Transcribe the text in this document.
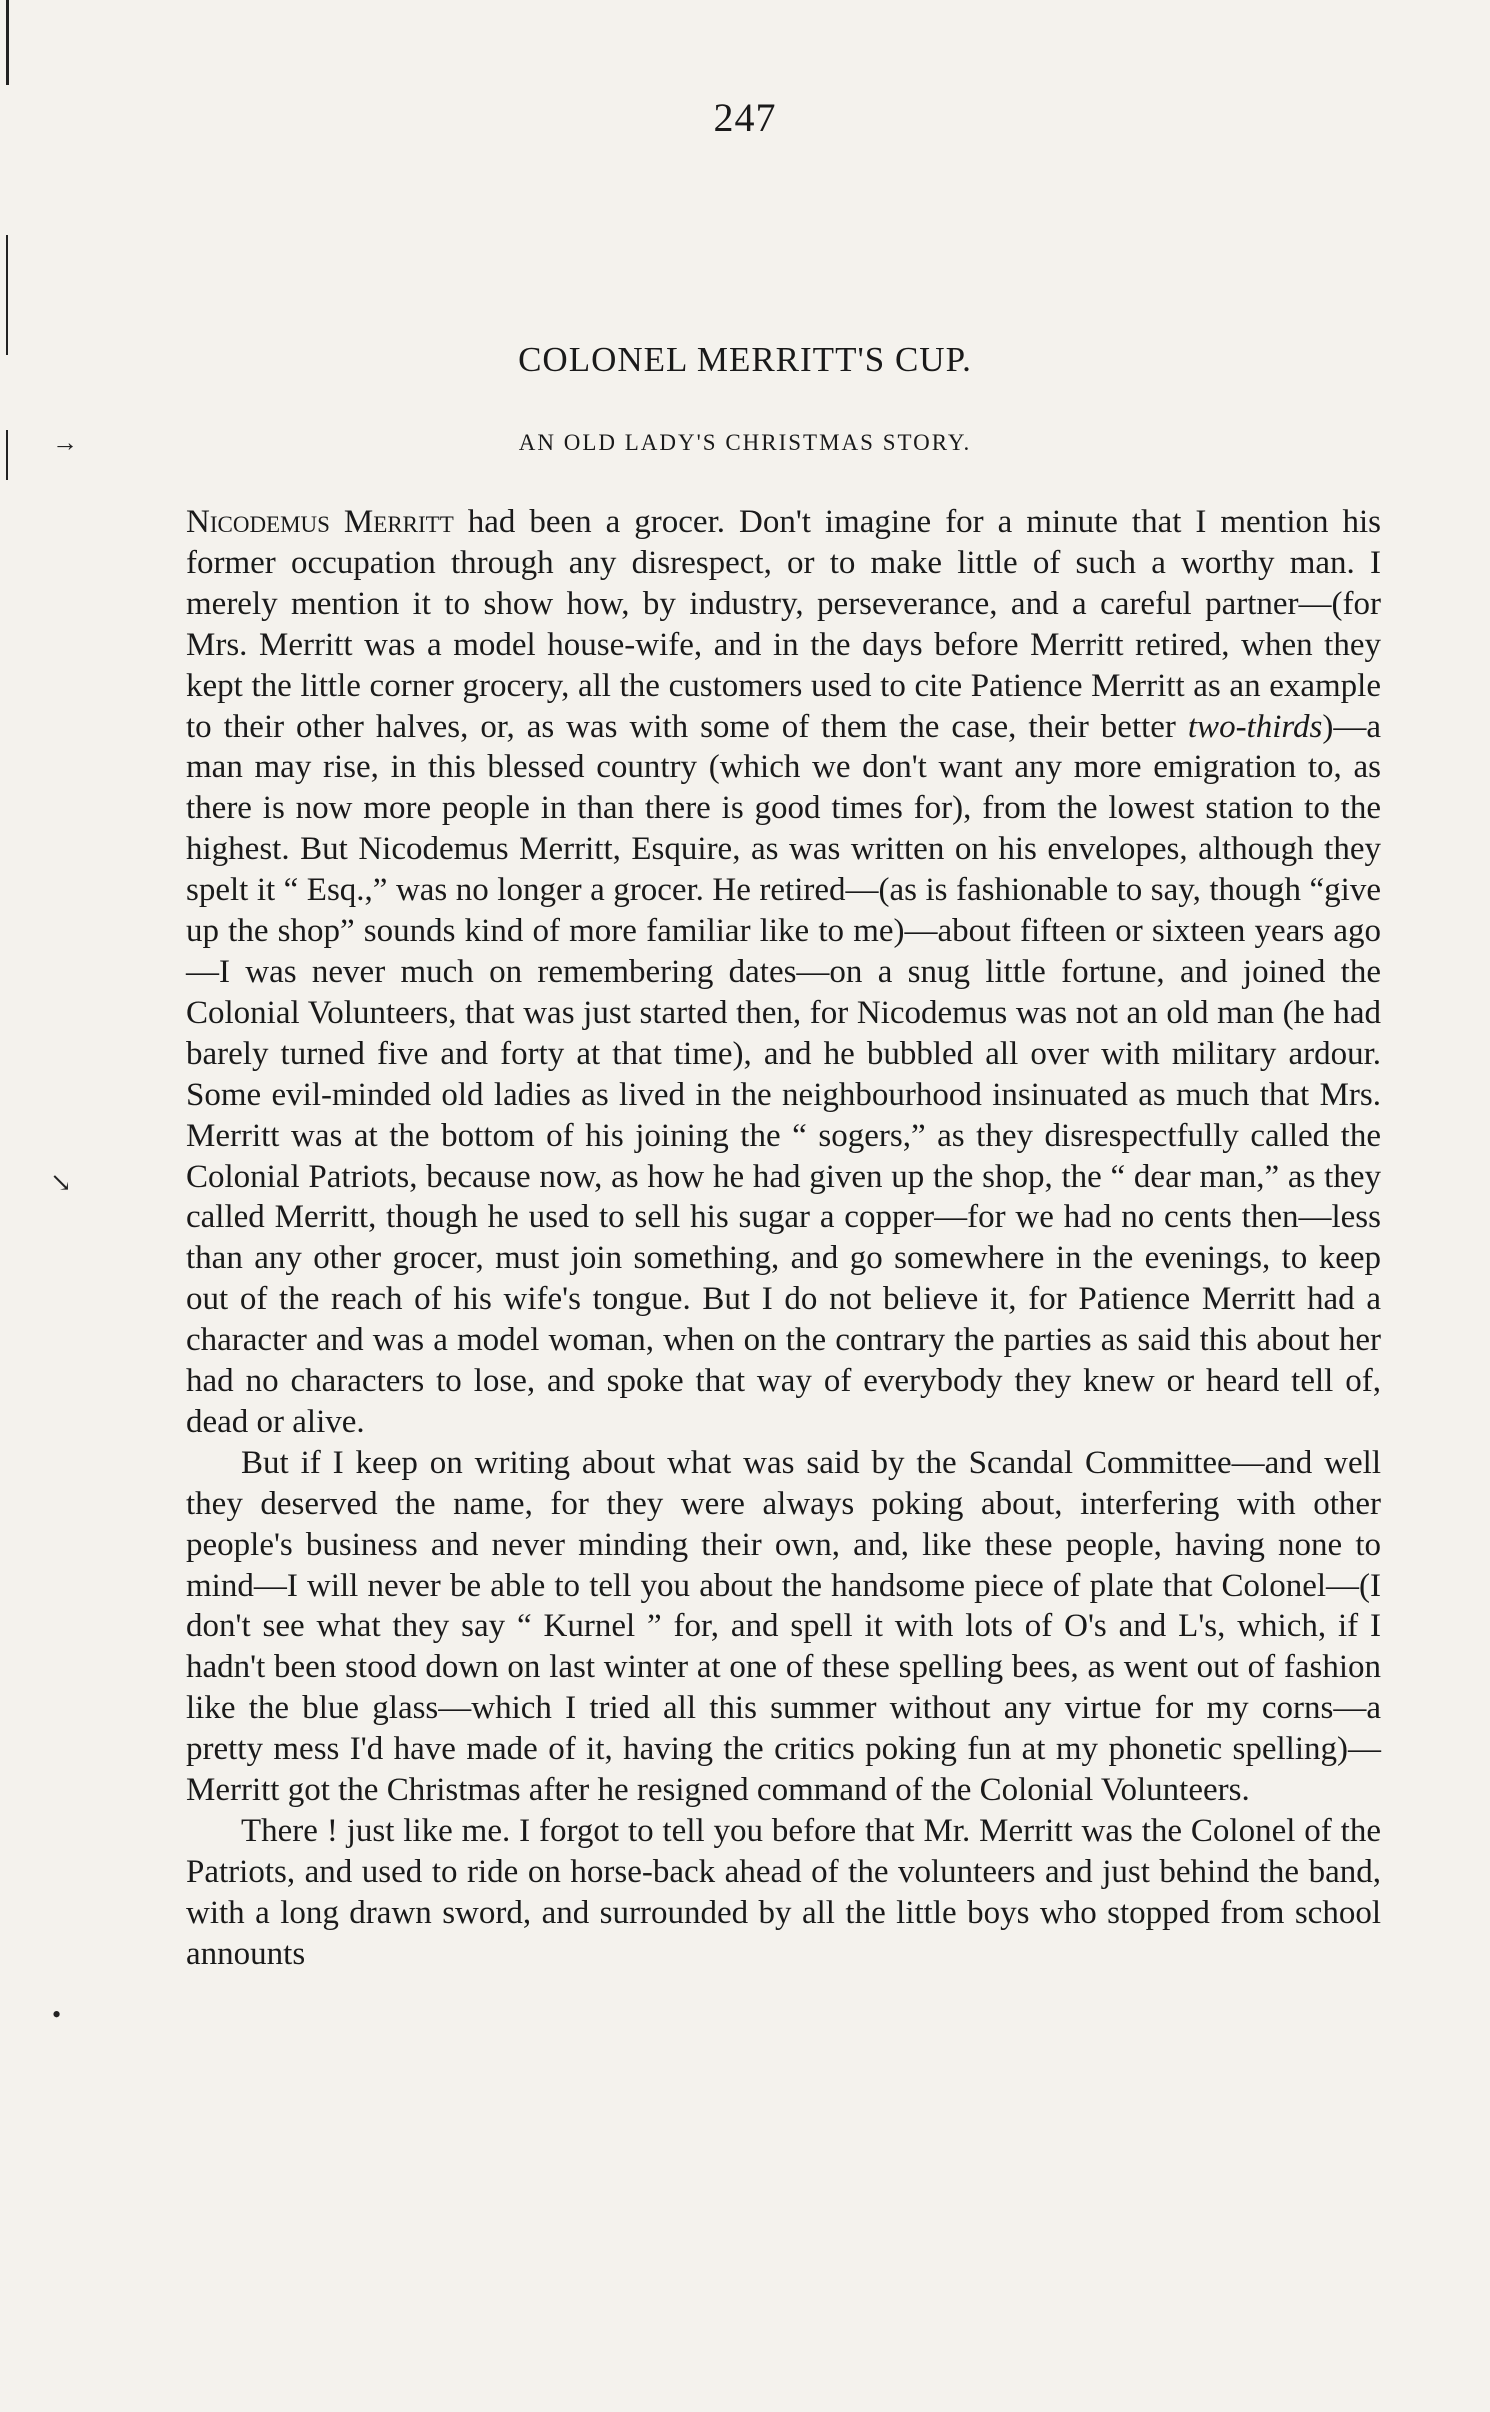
→
↘
•
247
COLONEL MERRITT'S CUP.
AN OLD LADY'S CHRISTMAS STORY.

Nicodemus Merritt had been a grocer. Don't imagine for a minute that I mention his former occupation through any disrespect, or to make little of such a worthy man. I merely mention it to show how, by industry, perseverance, and a careful partner—(for Mrs. Merritt was a model house-wife, and in the days before Merritt retired, when they kept the little corner grocery, all the customers used to cite Patience Merritt as an example to their other halves, or, as was with some of them the case, their better two-thirds)—a man may rise, in this blessed country (which we don't want any more emigration to, as there is now more people in than there is good times for), from the lowest station to the highest. But Nicodemus Merritt, Esquire, as was written on his envelopes, although they spelt it “ Esq.,” was no longer a grocer. He retired—(as is fashionable to say, though “give up the shop” sounds kind of more familiar like to me)—about fifteen or sixteen years ago—I was never much on remembering dates—on a snug little fortune, and joined the Colonial Volunteers, that was just started then, for Nicodemus was not an old man (he had barely turned five and forty at that time), and he bubbled all over with military ardour. Some evil-minded old ladies as lived in the neighbourhood insinuated as much that Mrs. Merritt was at the bottom of his joining the “ sogers,” as they disrespectfully called the Colonial Patriots, because now, as how he had given up the shop, the “ dear man,” as they called Merritt, though he used to sell his sugar a copper—for we had no cents then—less than any other grocer, must join something, and go somewhere in the evenings, to keep out of the reach of his wife's tongue. But I do not believe it, for Patience Merritt had a character and was a model woman, when on the contrary the parties as said this about her had no characters to lose, and spoke that way of everybody they knew or heard tell of, dead or alive.

But if I keep on writing about what was said by the Scandal Committee—and well they deserved the name, for they were always poking about, interfering with other people's business and never minding their own, and, like these people, having none to mind—I will never be able to tell you about the handsome piece of plate that Colonel—(I don't see what they say “ Kurnel ” for, and spell it with lots of O's and L's, which, if I hadn't been stood down on last winter at one of these spelling bees, as went out of fashion like the blue glass—which I tried all this summer without any virtue for my corns—a pretty mess I'd have made of it, having the critics poking fun at my phonetic spelling)—Merritt got the Christmas after he resigned command of the Colonial Volunteers.

There ! just like me. I forgot to tell you before that Mr. Merritt was the Colonel of the Patriots, and used to ride on horse-back ahead of the volunteers and just behind the band, with a long drawn sword, and surrounded by all the little boys who stopped from school announts
